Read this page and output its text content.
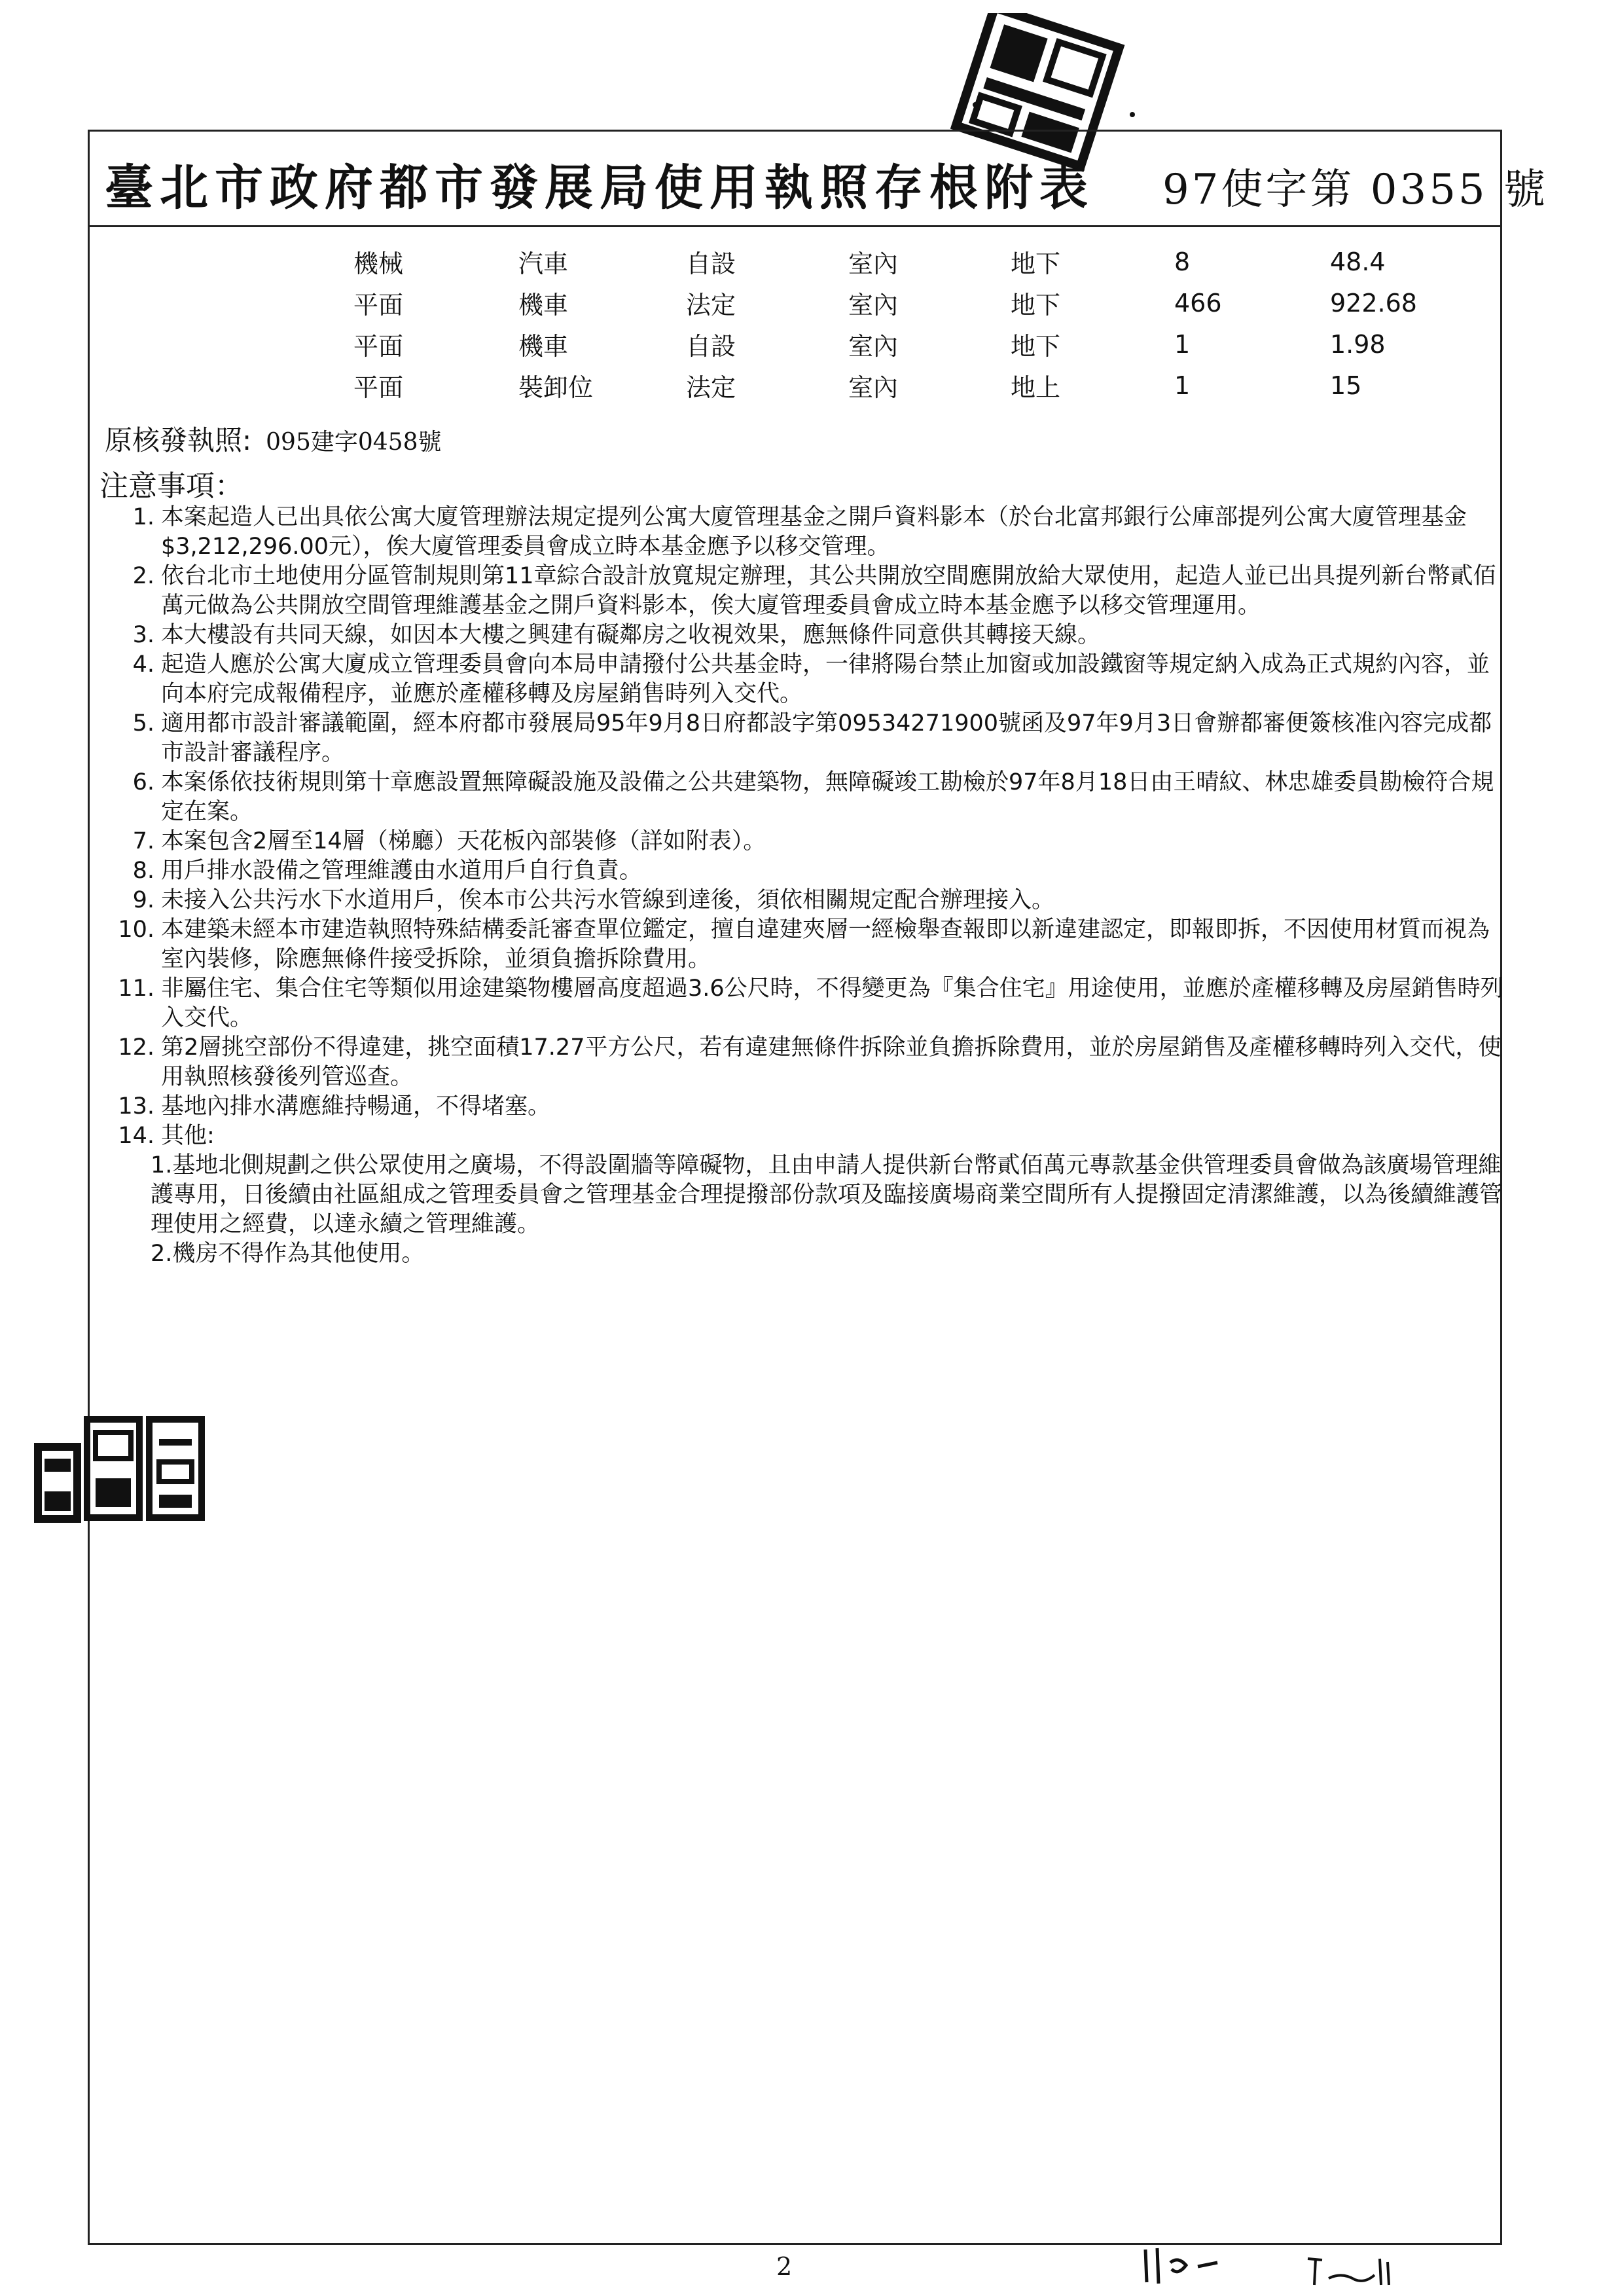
臺北市政府都市發展局使用執照存根附表 97使字第 0355 號
機械	汽車	自設	室內	地下	8	48.4
平面	機車	法定	室內	地下	466	922.68
平面	機車	自設	室內	地下	1	1.98
平面	裝卸位	法定	室內	地上	1	15
原核發執照: 095建字0458號
注意事項：
1. 本案起造人已出具依公寓大廈管理辦法規定提列公寓大廈管理基金之開戶資料影本（於台北富邦銀行公庫部提列公寓大廈管理基金$3,212,296.00元），俟大廈管理委員會成立時本基金應予以移交管理。
2. 依台北市土地使用分區管制規則第11章綜合設計放寬規定辦理，其公共開放空間應開放給大眾使用，起造人並已出具提列新台幣貳佰萬元做為公共開放空間管理維護基金之開戶資料影本，俟大廈管理委員會成立時本基金應予以移交管理運用。
3. 本大樓設有共同天線，如因本大樓之興建有礙鄰房之收視效果，應無條件同意供其轉接天線。
4. 起造人應於公寓大廈成立管理委員會向本局申請撥付公共基金時，一律將陽台禁止加窗或加設鐵窗等規定納入成為正式規約內容，並向本府完成報備程序，並應於產權移轉及房屋銷售時列入交代。
5. 適用都市設計審議範圍，經本府都市發展局95年9月8日府都設字第09534271900號函及97年9月3日會辦都審便簽核准內容完成都市設計審議程序。
6. 本案係依技術規則第十章應設置無障礙設施及設備之公共建築物，無障礙竣工勘檢於97年8月18日由王晴紋、林忠雄委員勘檢符合規定在案。
7. 本案包含2層至14層（梯廳）天花板內部裝修（詳如附表）。
8. 用戶排水設備之管理維護由水道用戶自行負責。
9. 未接入公共污水下水道用戶，俟本市公共污水管線到達後，須依相關規定配合辦理接入。
10. 本建築未經本市建造執照特殊結構委託審查單位鑑定，擅自違建夾層一經檢舉查報即以新違建認定，即報即拆，不因使用材質而視為室內裝修，除應無條件接受拆除，並須負擔拆除費用。
11. 非屬住宅、集合住宅等類似用途建築物樓層高度超過3.6公尺時，不得變更為『集合住宅』用途使用，並應於產權移轉及房屋銷售時列入交代。
12. 第2層挑空部份不得違建，挑空面積17.27平方公尺，若有違建無條件拆除並負擔拆除費用，並於房屋銷售及產權移轉時列入交代，使用執照核發後列管巡查。
13. 基地內排水溝應維持暢通，不得堵塞。
14. 其他:
1.基地北側規劃之供公眾使用之廣場，不得設圍牆等障礙物，且由申請人提供新台幣貳佰萬元專款基金供管理委員會做為該廣場管理維護專用，日後續由社區組成之管理委員會之管理基金合理提撥部份款項及臨接廣場商業空間所有人提撥固定清潔維護，以為後續維護管理使用之經費，以達永續之管理維護。
2.機房不得作為其他使用。
2
